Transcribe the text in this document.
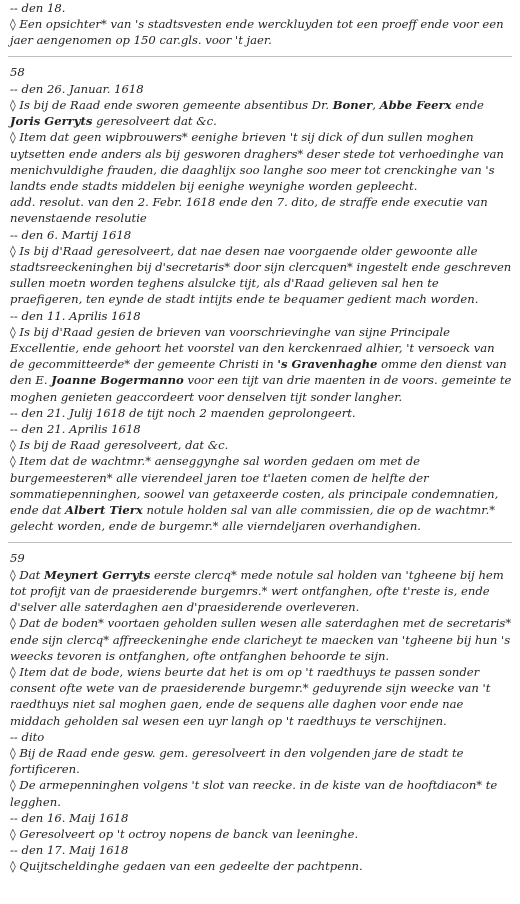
-- den 18.

◊ Een opsichter* van 's stadtsvesten ende werckluyden tot een proeff ende voor een jaer aengenomen op 150 car.gls. voor 't jaer.

58

-- den 26. Januar. 1618

◊ Is bij de Raad ende sworen gemeente absentibus Dr. Boner, Abbe Feerx ende Joris Gerryts geresolveert dat &c.

◊ Item dat geen wipbrouwers* eenighe brieven 't sij dick of dun sullen moghen uytsetten ende anders als bij gesworen draghers* deser stede tot verhoedinghe van menichvuldighe frauden, die daaghlijx soo langhe soo meer tot crenckinghe van 's landts ende stadts middelen bij eenighe weynighe worden gepleecht.

add. resolut. van den 2. Febr. 1618 ende den 7. dito, de straffe ende executie van nevenstaende resolutie

-- den 6. Martij 1618

◊ Is bij d'Raad geresolveert, dat nae desen nae voorgaende older gewoonte alle stadtsreeckeninghen bij d'secretaris* door sijn clercquen* ingestelt ende geschreven sullen moetn worden teghens alsulcke tijt, als d'Raad gelieven sal hen te praefigeren, ten eynde de stadt intijts ende te bequamer gedient mach worden.

-- den 11. Aprilis 1618

◊ Is bij d'Raad gesien de brieven van voorschrievinghe van sijne Principale Excellentie, ende gehoort het voorstel van den kerckenraed alhier, 't versoeck van de gecommitteerde* der gemeente Christi in 's Gravenhaghe omme den dienst van den E. Joanne Bogermanno voor een tijt van drie maenten in de voors. gemeinte te moghen genieten geaccordeert voor denselven tijt sonder langher.

-- den 21. Julij 1618 de tijt noch 2 maenden geprolongeert.

-- den 21. Aprilis 1618

◊ Is bij de Raad geresolveert, dat &c.

◊ Item dat de wachtmr.* aenseggynghe sal worden gedaen om met de burgemeesteren* alle vierendeel jaren toe t'laeten comen de helfte der sommatiepenninghen, soowel van getaxeerde costen, als principale condemnatien, ende dat Albert Tierx notule holden sal van alle commissien, die op de wachtmr.* gelecht worden, ende de burgemr.* alle vierndeljaren overhandighen.

59

◊ Dat Meynert Gerryts eerste clercq* mede notule sal holden van 'tgheene bij hem tot profijt van de praesiderende burgemrs.* wert ontfanghen, ofte t'reste is, ende d'selver alle saterdaghen aen d'praesiderende overleveren.

◊ Dat de boden* voortaen geholden sullen wesen alle saterdaghen met de secretaris* ende sijn clercq* affreeckeninghe ende claricheyt te maecken van 'tgheene bij hun 's weecks tevoren is ontfanghen, ofte ontfanghen behoorde te sijn.

◊ Item dat de bode, wiens beurte dat het is om op 't raedthuys te passen sonder consent ofte wete van de praesiderende burgemr.* geduyrende sijn weecke van 't raedthuys niet sal moghen gaen, ende de sequens alle daghen voor ende nae middach geholden sal wesen een uyr langh op 't raedthuys te verschijnen.

-- dito

◊ Bij de Raad ende gesw. gem. geresolveert in den volgenden jare de stadt te fortificeren.

◊ De armepenninghen volgens 't slot van reecke. in de kiste van de hooftdiacon* te legghen.

-- den 16. Maij 1618

◊ Geresolveert op 't octroy nopens de banck van leeninghe.

-- den 17. Maij 1618

◊ Quijtscheldinghe gedaen van een gedeelte der pachtpenn.
